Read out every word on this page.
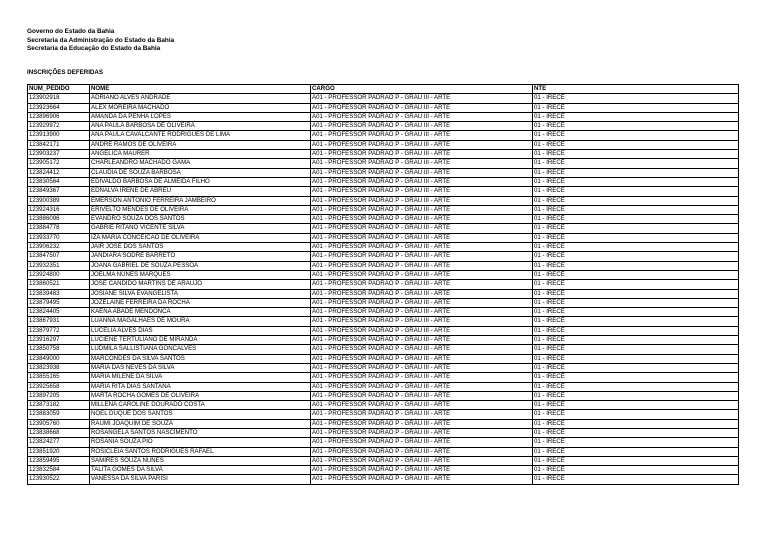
Governo do Estado da Bahia
Secretaria da Administração do Estado da Bahia
Secretaria da Educação do Estado da Bahia
INSCRIÇÕES DEFERIDAS
NUM_PEDIDO	NOME	CARGO	NTE
123902918	ADRIANO ALVES ANDRADE	A01 - PROFESSOR PADRÃO P - GRAU III - ARTE	01 - IRECÊ
123923664	ALEX MOREIRA MACHADO	A01 - PROFESSOR PADRÃO P - GRAU III - ARTE	01 - IRECÊ
123896906	AMANDA DA PENHA LOPES	A01 - PROFESSOR PADRÃO P - GRAU III - ARTE	01 - IRECÊ
123929972	ANA PAULA BARBOSA DE OLIVEIRA	A01 - PROFESSOR PADRÃO P - GRAU III - ARTE	01 - IRECÊ
123913900	ANA PAULA CAVALCANTE RODRIGUES DE LIMA	A01 - PROFESSOR PADRÃO P - GRAU III - ARTE	01 - IRECÊ
123842171	ANDRE RAMOS DE OLIVEIRA	A01 - PROFESSOR PADRÃO P - GRAU III - ARTE	01 - IRECÊ
123903237	ANGELICA MAURER	A01 - PROFESSOR PADRÃO P - GRAU III - ARTE	01 - IRECÊ
123905172	CHARLEANDRO MACHADO GAMA	A01 - PROFESSOR PADRÃO P - GRAU III - ARTE	01 - IRECÊ
123824412	CLAUDIA DE SOUZA BARBOSA	A01 - PROFESSOR PADRÃO P - GRAU III - ARTE	01 - IRECÊ
123830564	EDIVALDO BARBOSA DE ALMEIDA FILHO	A01 - PROFESSOR PADRÃO P - GRAU III - ARTE	01 - IRECÊ
123849367	EDNALVA IRENE DE ABREU	A01 - PROFESSOR PADRÃO P - GRAU III - ARTE	01 - IRECÊ
123900389	EMERSON ANTONIO FERREIRA JAMBEIRO	A01 - PROFESSOR PADRÃO P - GRAU III - ARTE	01 - IRECÊ
123924316	ERIVELTO MENDES DE OLIVEIRA	A01 - PROFESSOR PADRÃO P - GRAU III - ARTE	01 - IRECÊ
123886096	EVANDRO SOUZA DOS SANTOS	A01 - PROFESSOR PADRÃO P - GRAU III - ARTE	01 - IRECÊ
123884778	GABRIE RITANO VICENTE SILVA	A01 - PROFESSOR PADRÃO P - GRAU III - ARTE	01 - IRECÊ
123933770	IZA MARIA CONCEICAO DE OLIVEIRA	A01 - PROFESSOR PADRÃO P - GRAU III - ARTE	01 - IRECÊ
123906232	JAIR JOSE DOS SANTOS	A01 - PROFESSOR PADRÃO P - GRAU III - ARTE	01 - IRECÊ
123847507	JANDIARA SODRE BARRETO	A01 - PROFESSOR PADRÃO P - GRAU III - ARTE	01 - IRECÊ
123932351	JOANA GABRIEL DE SOUZA PESSOA	A01 - PROFESSOR PADRÃO P - GRAU III - ARTE	01 - IRECÊ
123924800	JOELMA NUNES MARQUES	A01 - PROFESSOR PADRÃO P - GRAU III - ARTE	01 - IRECÊ
123860521	JOSE CANDIDO MARTINS DE ARAUJO	A01 - PROFESSOR PADRÃO P - GRAU III - ARTE	01 - IRECÊ
123839483	JOSIANE SILVA EVANGELISTA	A01 - PROFESSOR PADRÃO P - GRAU III - ARTE	01 - IRECÊ
123879495	JOZELAINE FERREIRA DA ROCHA	A01 - PROFESSOR PADRÃO P - GRAU III - ARTE	01 - IRECÊ
123824405	KAENA ABADE MENDONCA	A01 - PROFESSOR PADRÃO P - GRAU III - ARTE	01 - IRECÊ
123867931	LUANNA MAGALHAES DE MOURA	A01 - PROFESSOR PADRÃO P - GRAU III - ARTE	01 - IRECÊ
123879772	LUCELIA ALVES DIAS	A01 - PROFESSOR PADRÃO P - GRAU III - ARTE	01 - IRECÊ
123916297	LUCIENE TERTULIANO DE MIRANDA	A01 - PROFESSOR PADRÃO P - GRAU III - ARTE	01 - IRECÊ
123850758	LUDMILA SALLISTIANA GONCALVES	A01 - PROFESSOR PADRÃO P - GRAU III - ARTE	01 - IRECÊ
123849000	MARCONDES DA SILVA SANTOS	A01 - PROFESSOR PADRÃO P - GRAU III - ARTE	01 - IRECÊ
123823938	MARIA DAS NEVES DA SILVA	A01 - PROFESSOR PADRÃO P - GRAU III - ARTE	01 - IRECÊ
123855165	MARIA MILENE DA SILVA	A01 - PROFESSOR PADRÃO P - GRAU III - ARTE	01 - IRECÊ
123925658	MARIA RITA DIAS SANTANA	A01 - PROFESSOR PADRÃO P - GRAU III - ARTE	01 - IRECÊ
123897205	MARTA ROCHA GOMES DE OLIVEIRA	A01 - PROFESSOR PADRÃO P - GRAU III - ARTE	01 - IRECÊ
123873182	MILLENA CAROLINE DOURADO COSTA	A01 - PROFESSOR PADRÃO P - GRAU III - ARTE	01 - IRECÊ
123883059	NOEL DUQUE DOS SANTOS	A01 - PROFESSOR PADRÃO P - GRAU III - ARTE	01 - IRECÊ
123905760	RAUMI JOAQUIM DE SOUZA	A01 - PROFESSOR PADRÃO P - GRAU III - ARTE	01 - IRECÊ
123838668	ROSANGELA SANTOS NASCIMENTO	A01 - PROFESSOR PADRÃO P - GRAU III - ARTE	01 - IRECÊ
123824277	ROSANIA SOUZA PIO	A01 - PROFESSOR PADRÃO P - GRAU III - ARTE	01 - IRECÊ
123851920	ROSICLEIA SANTOS RODRIGUES RAFAEL	A01 - PROFESSOR PADRÃO P - GRAU III - ARTE	01 - IRECÊ
123859495	SAMIRES SOUZA NUNES	A01 - PROFESSOR PADRÃO P - GRAU III - ARTE	01 - IRECÊ
123832584	TALITA GOMES DA SILVA	A01 - PROFESSOR PADRÃO P - GRAU III - ARTE	01 - IRECÊ
123930522	VANESSA DA SILVA PARISI	A01 - PROFESSOR PADRÃO P - GRAU III - ARTE	01 - IRECÊ
